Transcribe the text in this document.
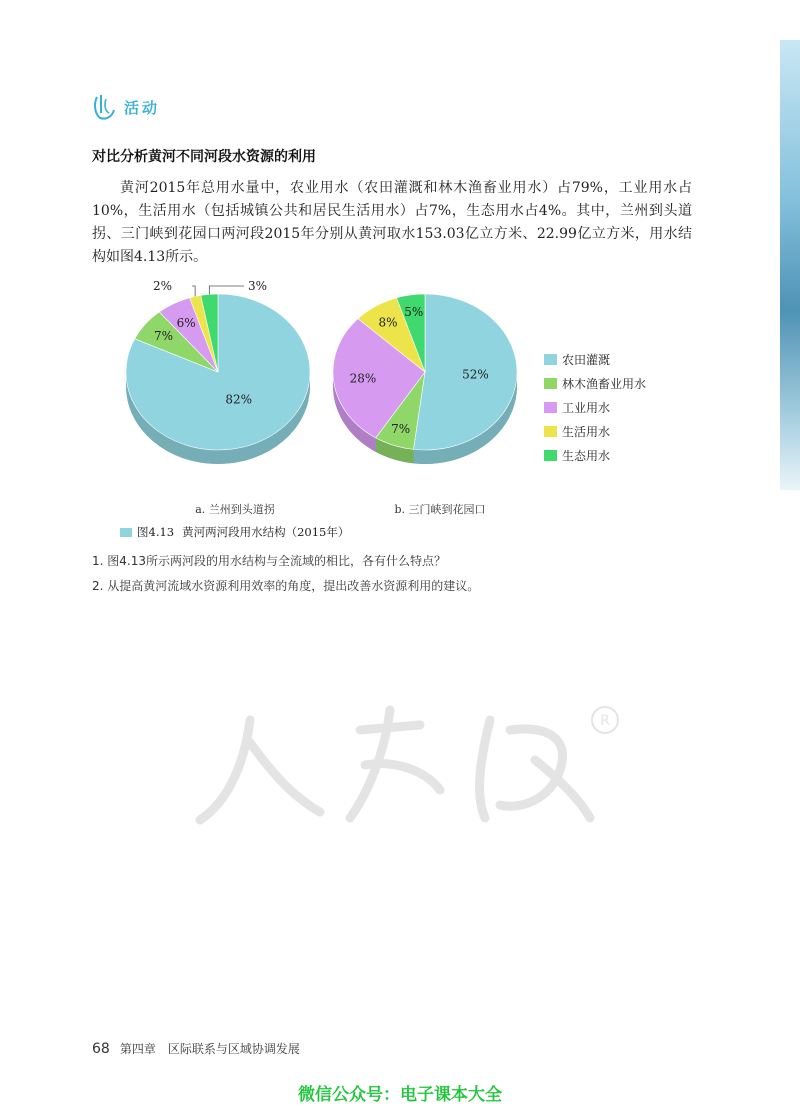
活动
对比分析黄河不同河段水资源的利用
黄河2015年总用水量中，农业用水（农田灌溉和林木渔畜业用水）占79%，工业用水占10%，生活用水（包括城镇公共和居民生活用水）占7%，生态用水占4%。其中，兰州到头道拐、三门峡到花园口两河段2015年分别从黄河取水153.03亿立方米、22.99亿立方米，用水结构如图4.13所示。
82%
7%
6%
2%	3%
52%
7%
28%
8%
5%
农田灌溉
林木渔畜业用水
工业用水
生活用水
生态用水
a. 兰州到头道拐	b. 三门峡到花园口
图4.13 黄河两河段用水结构（2015年）
1. 图4.13所示两河段的用水结构与全流域的相比，各有什么特点？
2. 从提高黄河流域水资源利用效率的角度，提出改善水资源利用的建议。
R
68 第四章 区际联系与区域协调发展
微信公众号：电子课本大全
